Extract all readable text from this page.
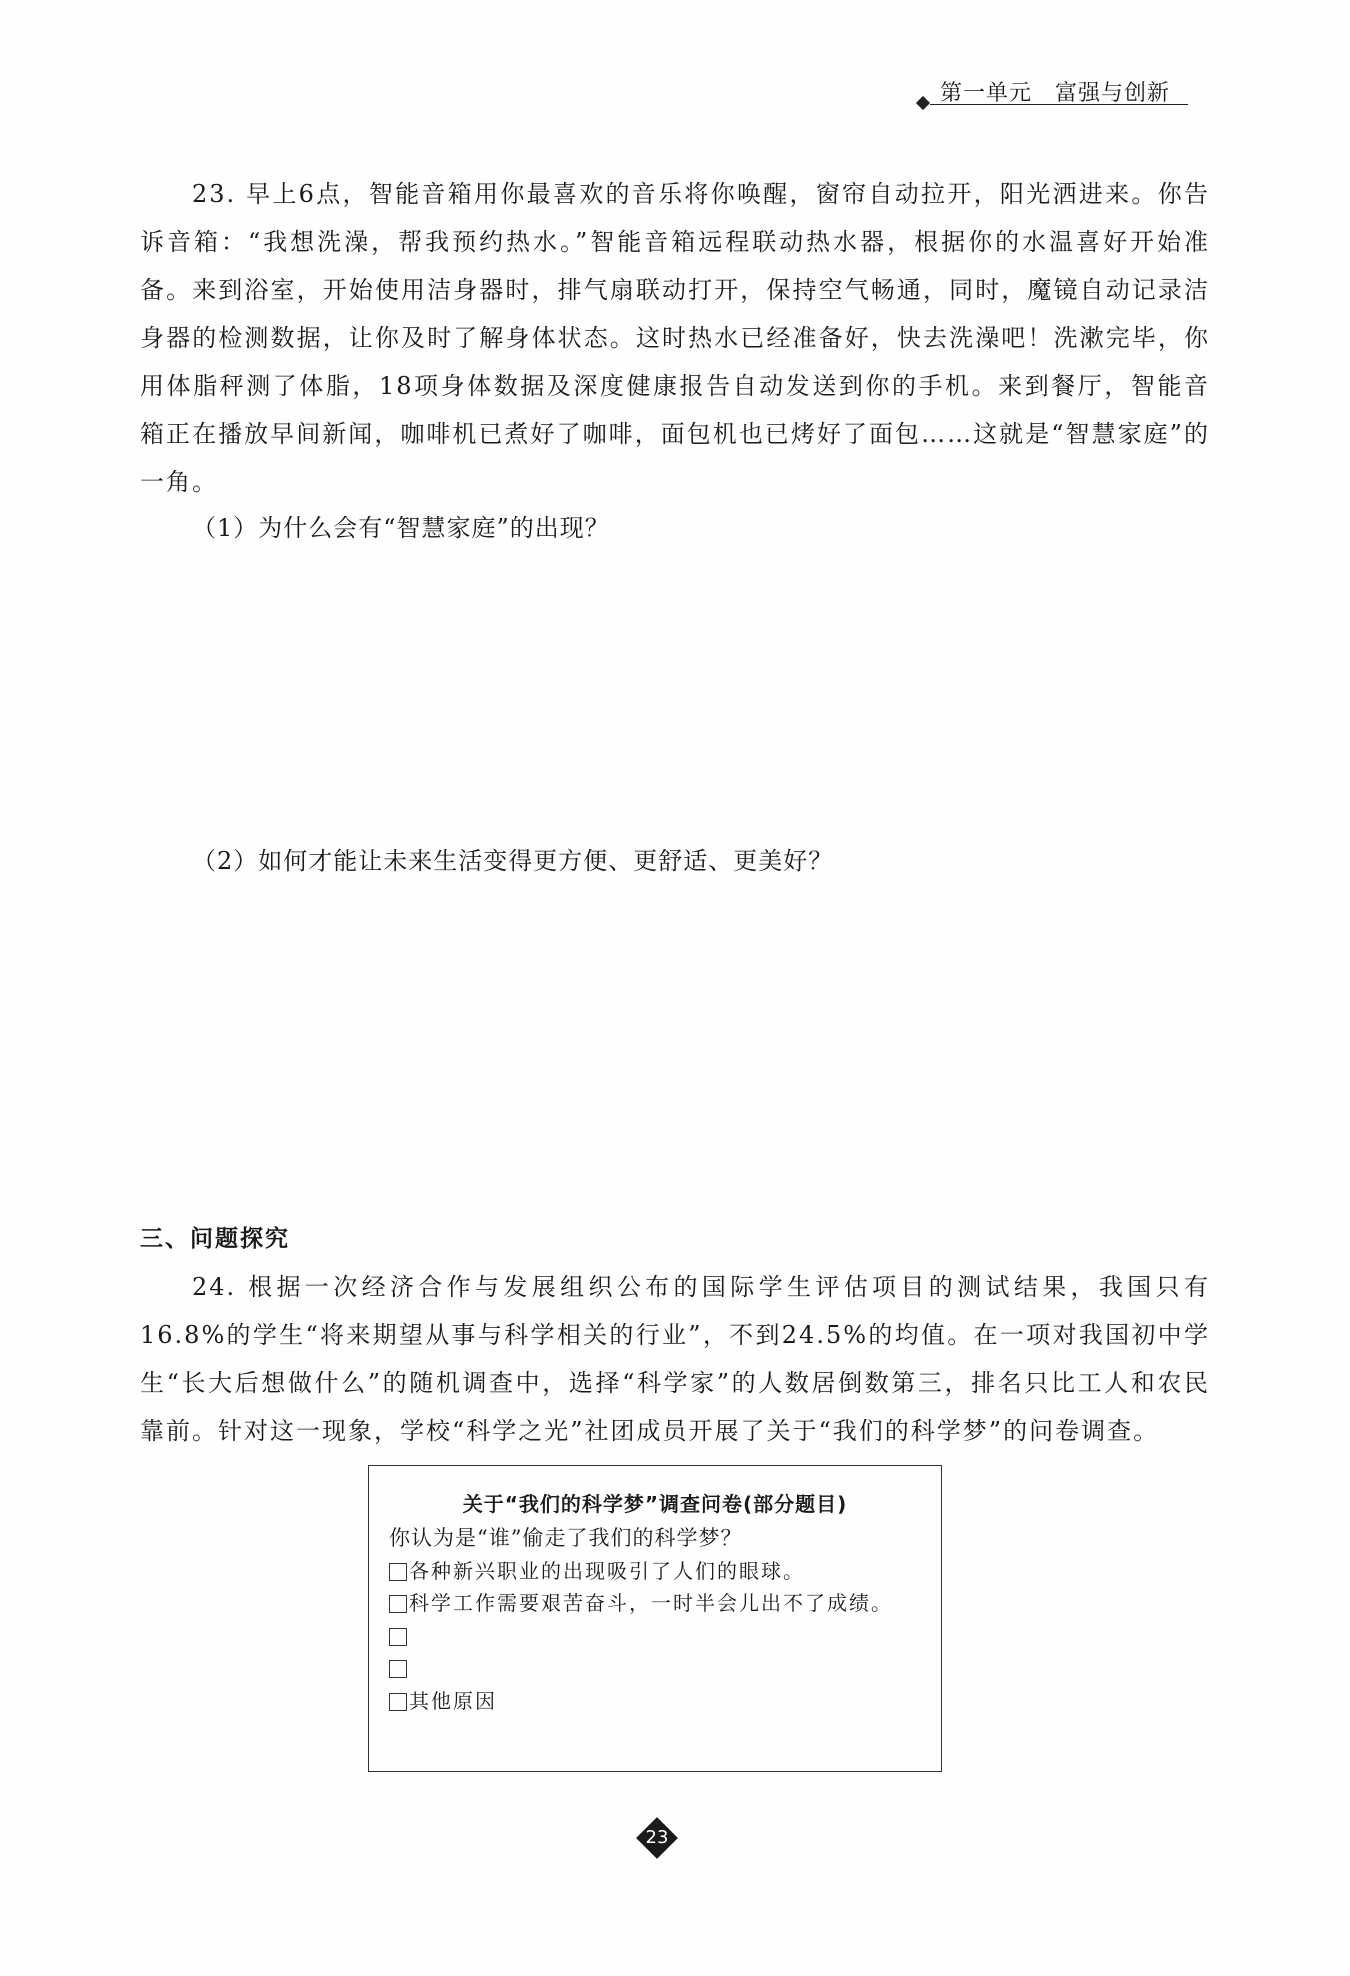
第一单元　富强与创新
23. 早上6点，智能音箱用你最喜欢的音乐将你唤醒，窗帘自动拉开，阳光洒进来。你告诉音箱：“我想洗澡，帮我预约热水。”智能音箱远程联动热水器，根据你的水温喜好开始准备。来到浴室，开始使用洁身器时，排气扇联动打开，保持空气畅通，同时，魔镜自动记录洁身器的检测数据，让你及时了解身体状态。这时热水已经准备好，快去洗澡吧！洗漱完毕，你用体脂秤测了体脂，18项身体数据及深度健康报告自动发送到你的手机。来到餐厅，智能音箱正在播放早间新闻，咖啡机已煮好了咖啡，面包机也已烤好了面包……这就是“智慧家庭”的一角。
（1）为什么会有“智慧家庭”的出现？
（2）如何才能让未来生活变得更方便、更舒适、更美好？
三、问题探究
24. 根据一次经济合作与发展组织公布的国际学生评估项目的测试结果，我国只有16.8%的学生“将来期望从事与科学相关的行业”，不到24.5%的均值。在一项对我国初中学生“长大后想做什么”的随机调查中，选择“科学家”的人数居倒数第三，排名只比工人和农民靠前。针对这一现象，学校“科学之光”社团成员开展了关于“我们的科学梦”的问卷调查。
关于“我们的科学梦”调查问卷(部分题目)
你认为是“谁”偷走了我们的科学梦？
各种新兴职业的出现吸引了人们的眼球。
科学工作需要艰苦奋斗，一时半会儿出不了成绩。
其他原因
23
